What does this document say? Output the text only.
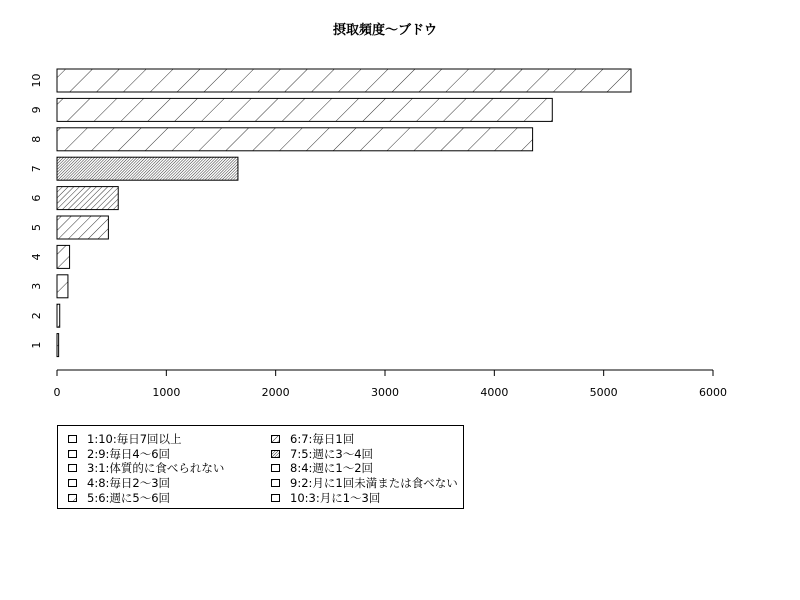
摂取頻度～ブドウ
10
9
8
7
6
5
4
3
2
1
0	1000	2000	3000	4000	5000	6000
1:10:毎日7回以上
2:9:毎日4～6回
3:1:体質的に食べられない
4:8:毎日2～3回
5:6:週に5～6回
6:7:毎日1回
7:5:週に3～4回
8:4:週に1～2回
9:2:月に1回未満または食べない
10:3:月に1～3回
